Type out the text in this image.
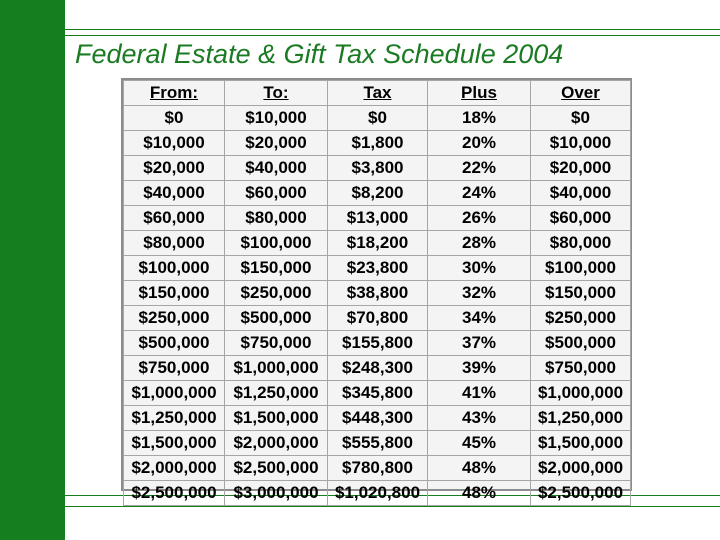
Federal Estate & Gift Tax Schedule 2004
From:	To:	Tax	Plus	Over
$0	$10,000	$0	18%	$0
$10,000	$20,000	$1,800	20%	$10,000
$20,000	$40,000	$3,800	22%	$20,000
$40,000	$60,000	$8,200	24%	$40,000
$60,000	$80,000	$13,000	26%	$60,000
$80,000	$100,000	$18,200	28%	$80,000
$100,000	$150,000	$23,800	30%	$100,000
$150,000	$250,000	$38,800	32%	$150,000
$250,000	$500,000	$70,800	34%	$250,000
$500,000	$750,000	$155,800	37%	$500,000
$750,000	$1,000,000	$248,300	39%	$750,000
$1,000,000	$1,250,000	$345,800	41%	$1,000,000
$1,250,000	$1,500,000	$448,300	43%	$1,250,000
$1,500,000	$2,000,000	$555,800	45%	$1,500,000
$2,000,000	$2,500,000	$780,800	48%	$2,000,000
$2,500,000	$3,000,000	$1,020,800	48%	$2,500,000
